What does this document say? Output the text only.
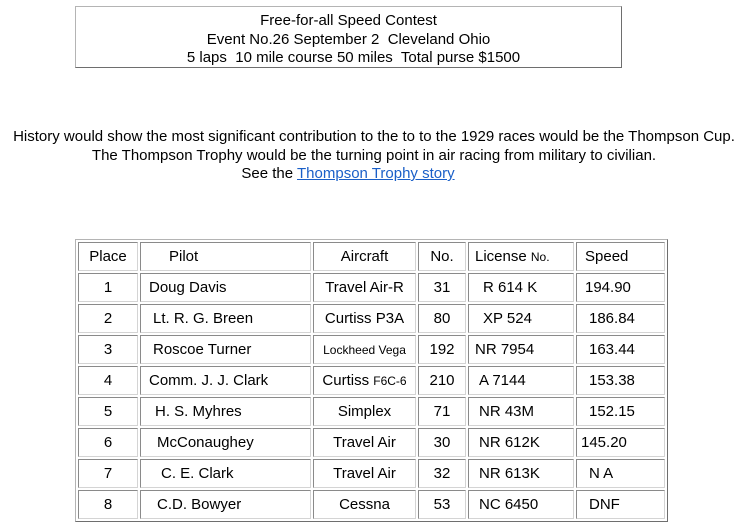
Free-for-all Speed Contest
Event No.26 September 2  Cleveland Ohio
5 laps  10 mile course 50 miles  Total purse $1500
History would show the most significant contribution to the to to the 1929 races would be the Thompson Cup.
The Thompson Trophy would be the turning point in air racing from military to civilian.
See the Thompson Trophy story
Place	Pilot	Aircraft	No.	License No.	Speed
1	Doug Davis	Travel Air-R	31	R 614 K	194.90
2	Lt. R. G. Breen	Curtiss P3A	80	XP 524	186.84
3	Roscoe Turner	Lockheed Vega	192	NR 7954	163.44
4	Comm. J. J. Clark	Curtiss F6C-6	210	A 7144	153.38
5	H. S. Myhres	Simplex	71	NR 43M	152.15
6	McConaughey	Travel Air	30	NR 612K	145.20
7	C. E. Clark	Travel Air	32	NR 613K	N A
8	C.D. Bowyer	Cessna	53	NC 6450	DNF
